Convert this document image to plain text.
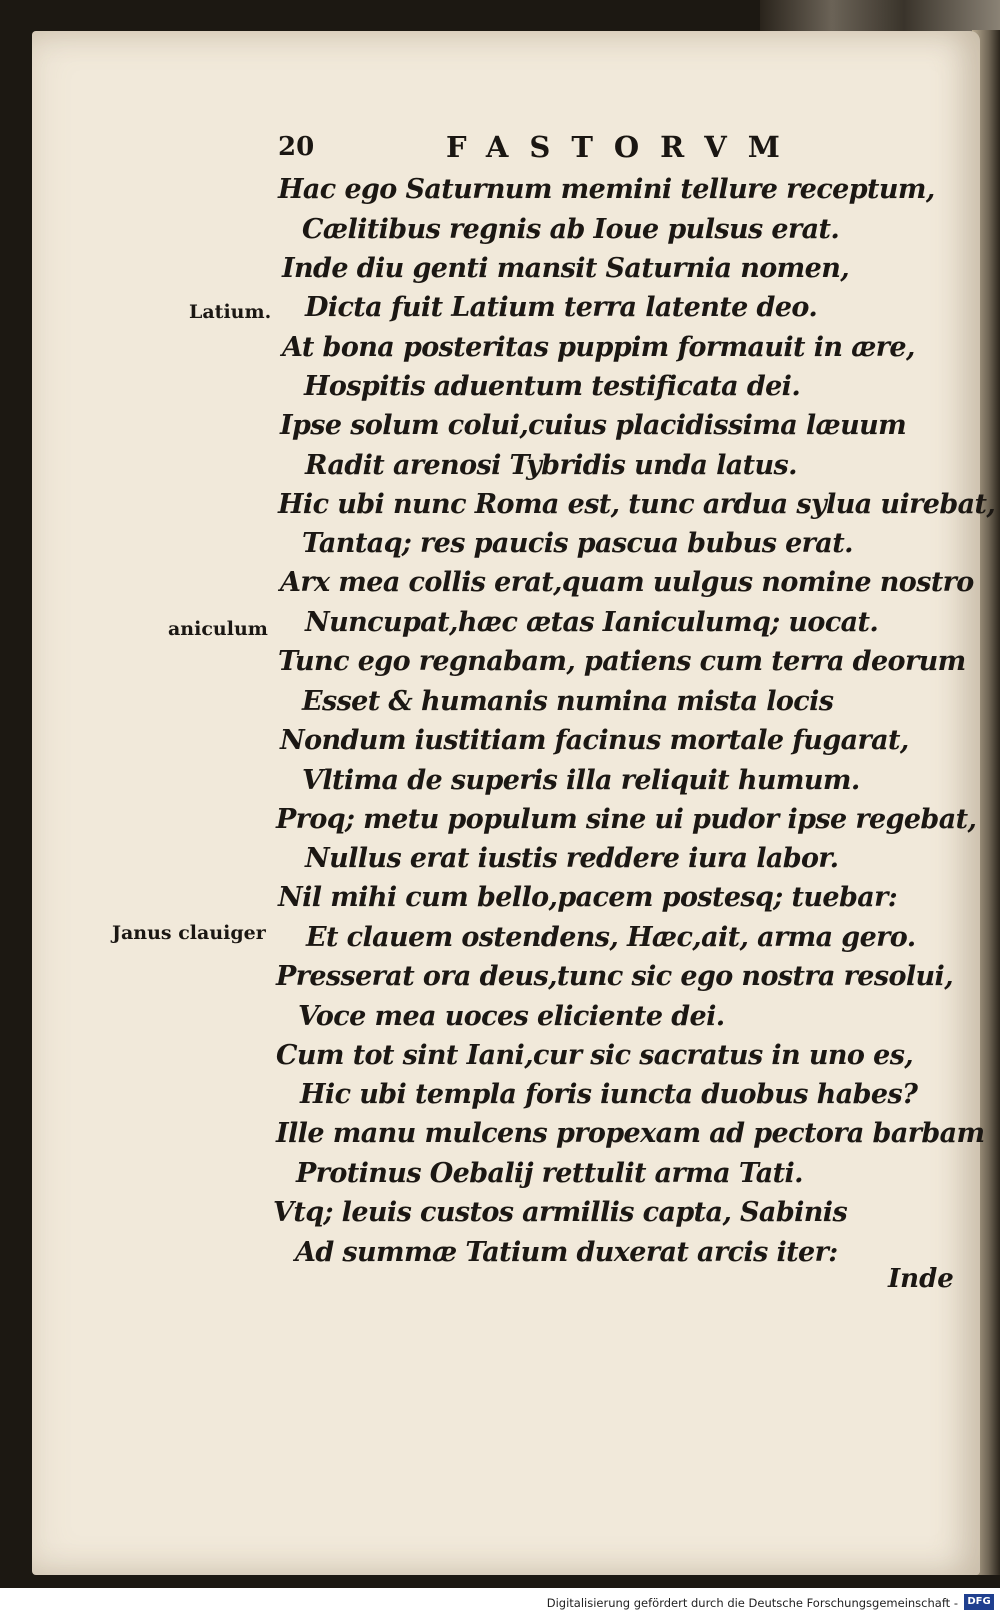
20	FASTORVM
Hac ego Saturnum memini tellure receptum,
Cælitibus regnis ab Ioue pulsus erat.
Inde diu genti mansit Saturnia nomen,
Dicta fuit Latium terra latente deo.
At bona posteritas puppim formauit in ære,
Hospitis aduentum testificata dei.
Ipse solum colui,cuius placidissima læuum
Radit arenosi Tybridis unda latus.
Hic ubi nunc Roma est, tunc ardua sylua uirebat,
Tantaq; res paucis pascua bubus erat.
Arx mea collis erat,quam uulgus nomine nostro
Nuncupat,hæc ætas Ianiculumq; uocat.
Tunc ego regnabam, patiens cum terra deorum
Esset & humanis numina mista locis
Nondum iustitiam facinus mortale fugarat,
Vltima de superis illa reliquit humum.
Proq; metu populum sine ui pudor ipse regebat,
Nullus erat iustis reddere iura labor.
Nil mihi cum bello,pacem postesq; tuebar:
Et clauem ostendens, Hæc,ait, arma gero.
Presserat ora deus,tunc sic ego nostra resolui,
Voce mea uoces eliciente dei.
Cum tot sint Iani,cur sic sacratus in uno es,
Hic ubi templa foris iuncta duobus habes?
Ille manu mulcens propexam ad pectora barbam
Protinus Oebalij rettulit arma Tati.
Vtq; leuis custos armillis capta, Sabinis
Ad summæ Tatium duxerat arcis iter:
Latium.
aniculum
Janus clauiger
Inde
Digitalisierung gefördert durch die Deutsche Forschungsgemeinschaft - DFG
